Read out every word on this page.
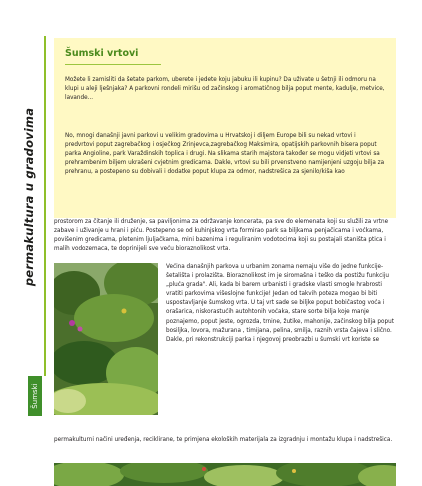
permakultura u gradovima
Šumski
Šumski vrtovi

Možete li zamisliti da šetate parkom, uberete i jedete koju jabuku ili kupinu? Da uživate u šetnji ili odmoru na klupi u aleji lješnjaka? A parkovni rondeli mirišu od začinskog i aromatičnog bilja poput mente, kadulje, metvice, lavande...

No, mnogi današnji javni parkovi u velikim gradovima u Hrvatskoj i diljem Europe bili su nekad vrtovi i predvrtovi poput zagrebačkog i osječkog Zrinjevca,zagrebačkog Maksimira, opatijskih parkovnih bisera poput parka Angioline, park Varaždinskih toplica i drugi. Na slikama starih majstora također se mogu vidjeti vrtovi sa prehrambenim biljem ukrašeni cvjetnim gredicama. Dakle, vrtovi su bili prvenstveno namijenjeni uzgoju bilja za prehranu, a postepeno su dobivali i dodatke poput klupa za odmor, nadstrešica za sjenilo/kiša kao

prostorom za čitanje ili druženje, sa paviljonima za održavanje koncerata, pa sve do elemenata koji su služili za vrtne zabave i uživanje u hrani i piću. Postepeno se od kuhinjskog vrta formirao park sa biljkama penjačicama i voćkama, povišenim gredicama, pletenim ljuljačkama, mini bazenima i reguliranim vodotocima koji su postajali staništa ptica i malih vodozemaca, te doprinijeli sve veću bioraznolikost vrta.

Većina današnjih parkova u urbanim zonama nemaju više do jedne funkcije-šetališta i prolazišta. Bioraznolikost im je siromašna i teško da postižu funkciju „pluća grada". Ali, kada bi barem urbanisti i gradske vlasti smogle hrabrosti vratiti parkovima višeslojne funkcije! Jedan od takvih poteza mogao bi biti uspostavljanje šumskog vrta. U taj vrt sade se biljke poput bobičastog voća i orašarica, niskorastućih autohtonih voćaka, stare sorte bilja koje manje poznajemo, poput jeste, ogrozda, trnine, žutike, mahonije, začinskog bilja poput bosiljka, lovora, mažurana , timijana, pelina, smilja, raznih vrsta čajeva i slično. Dakle, pri rekonstrukciji parka i njegovoj preobrazbi u šumski vrt koriste se

permakulturni načini uređenja, reciklirane, te primjena ekoloških materijala za izgradnju i montažu klupa i nadstrešica.
